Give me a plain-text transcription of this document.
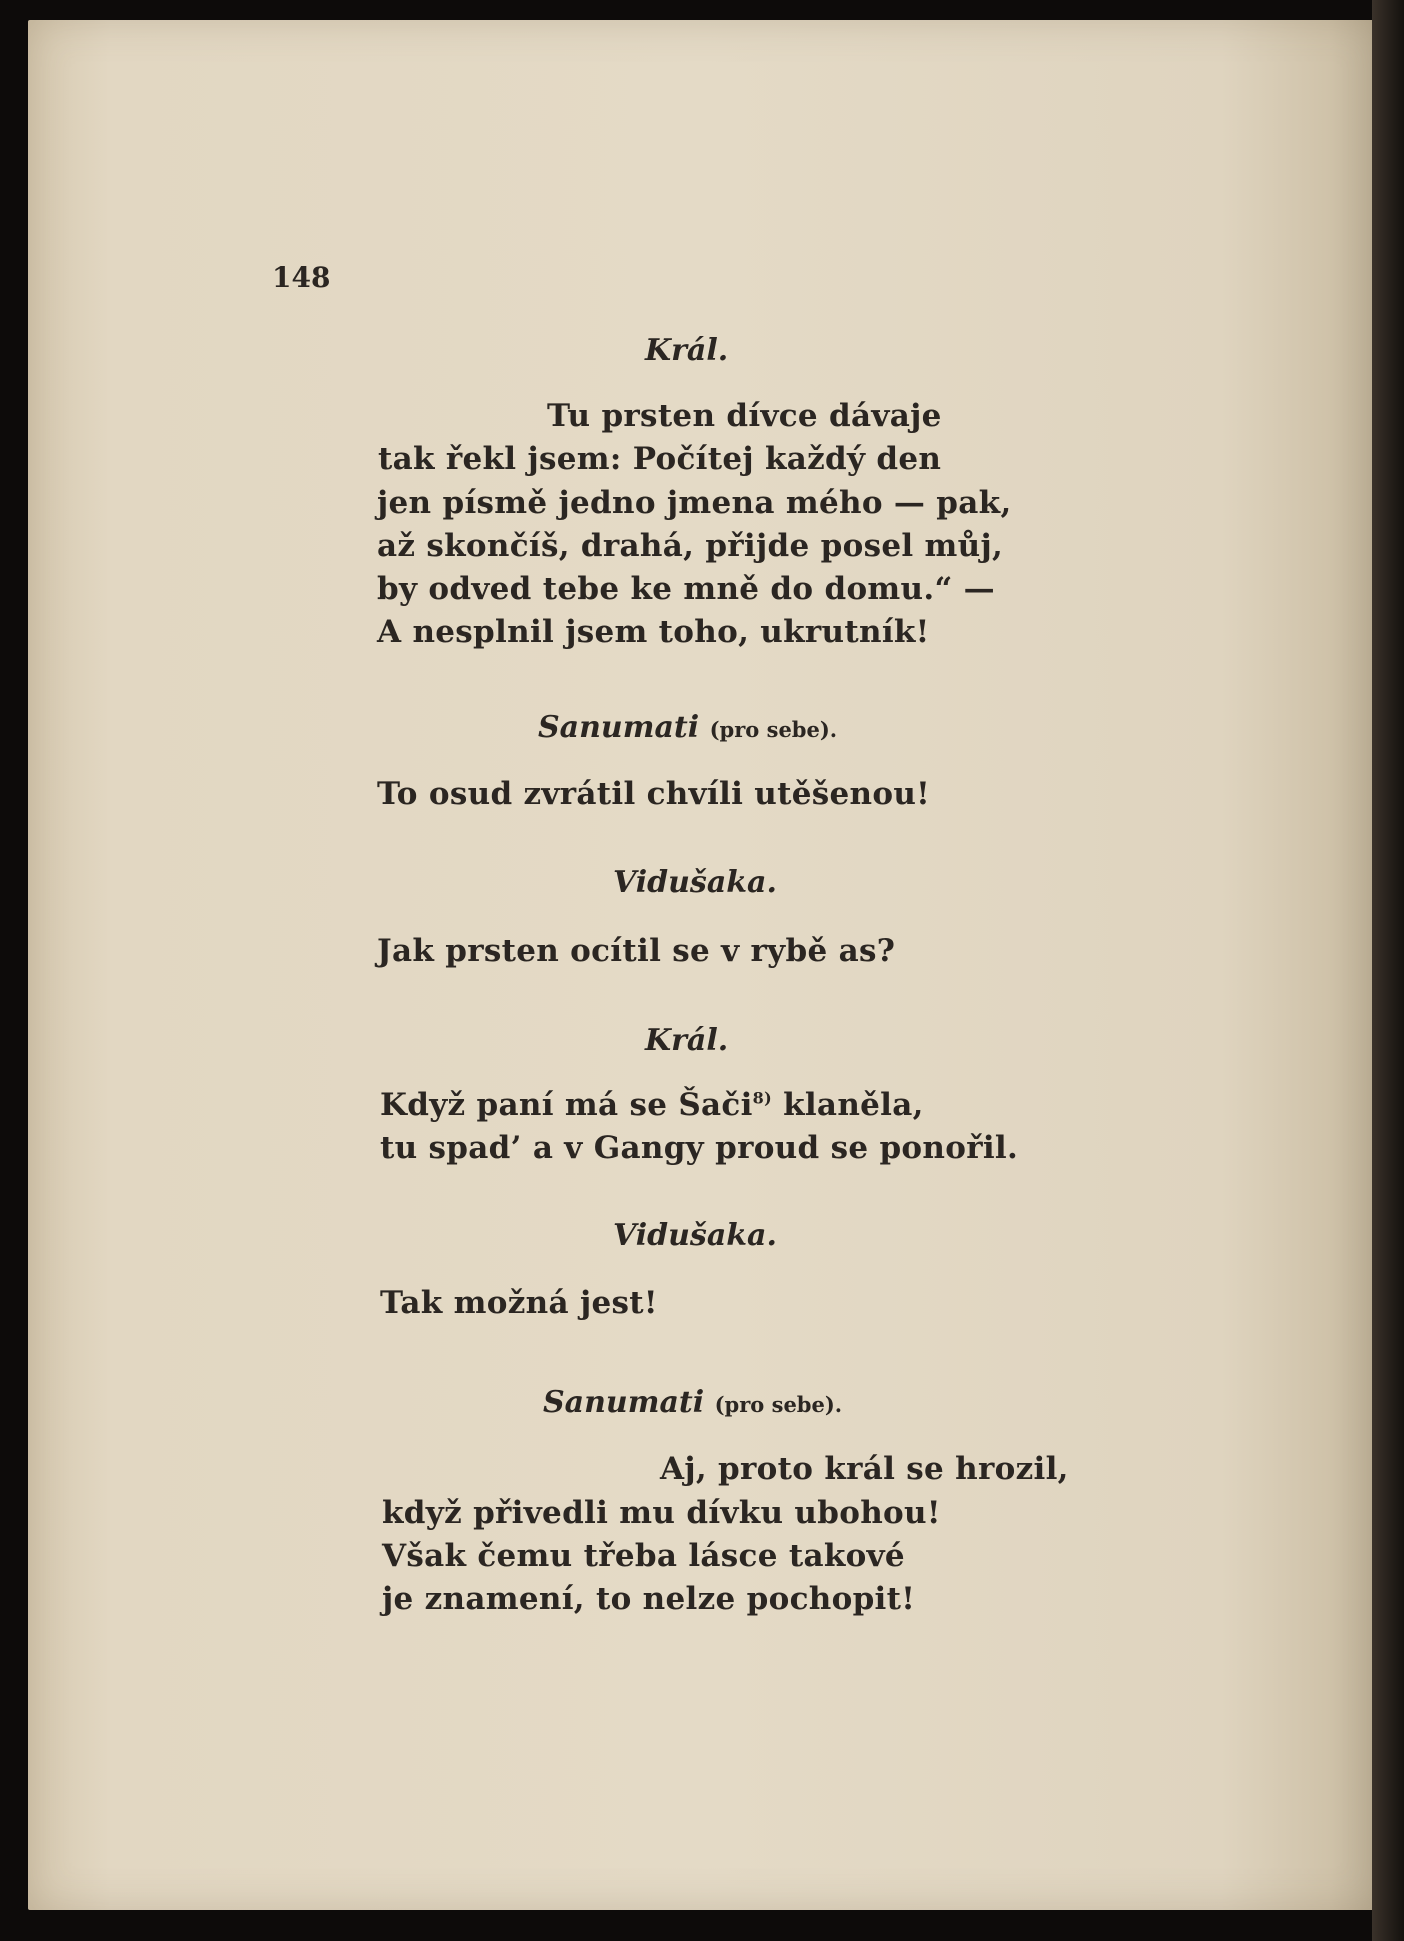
148
Král.
Tu prsten dívce dávaje
tak řekl jsem: Počítej každý den
jen písmě jedno jmena mého — pak,
až skončíš, drahá, přijde posel můj,
by odved tebe ke mně do domu.“ —
A nesplnil jsem toho, ukrutník!
Sanumati (pro sebe).
To osud zvrátil chvíli utěšenou!
Vidušaka.
Jak prsten ocítil se v rybě as?
Král.
Když paní má se Šači$^{8)}$ klaněla,
tu spad’ a v Gangy proud se ponořil.
Vidušaka.
Tak možná jest!
Sanumati (pro sebe).
Aj, proto král se hrozil,
když přivedli mu dívku ubohou!
Však čemu třeba lásce takové
je znamení, to nelze pochopit!
